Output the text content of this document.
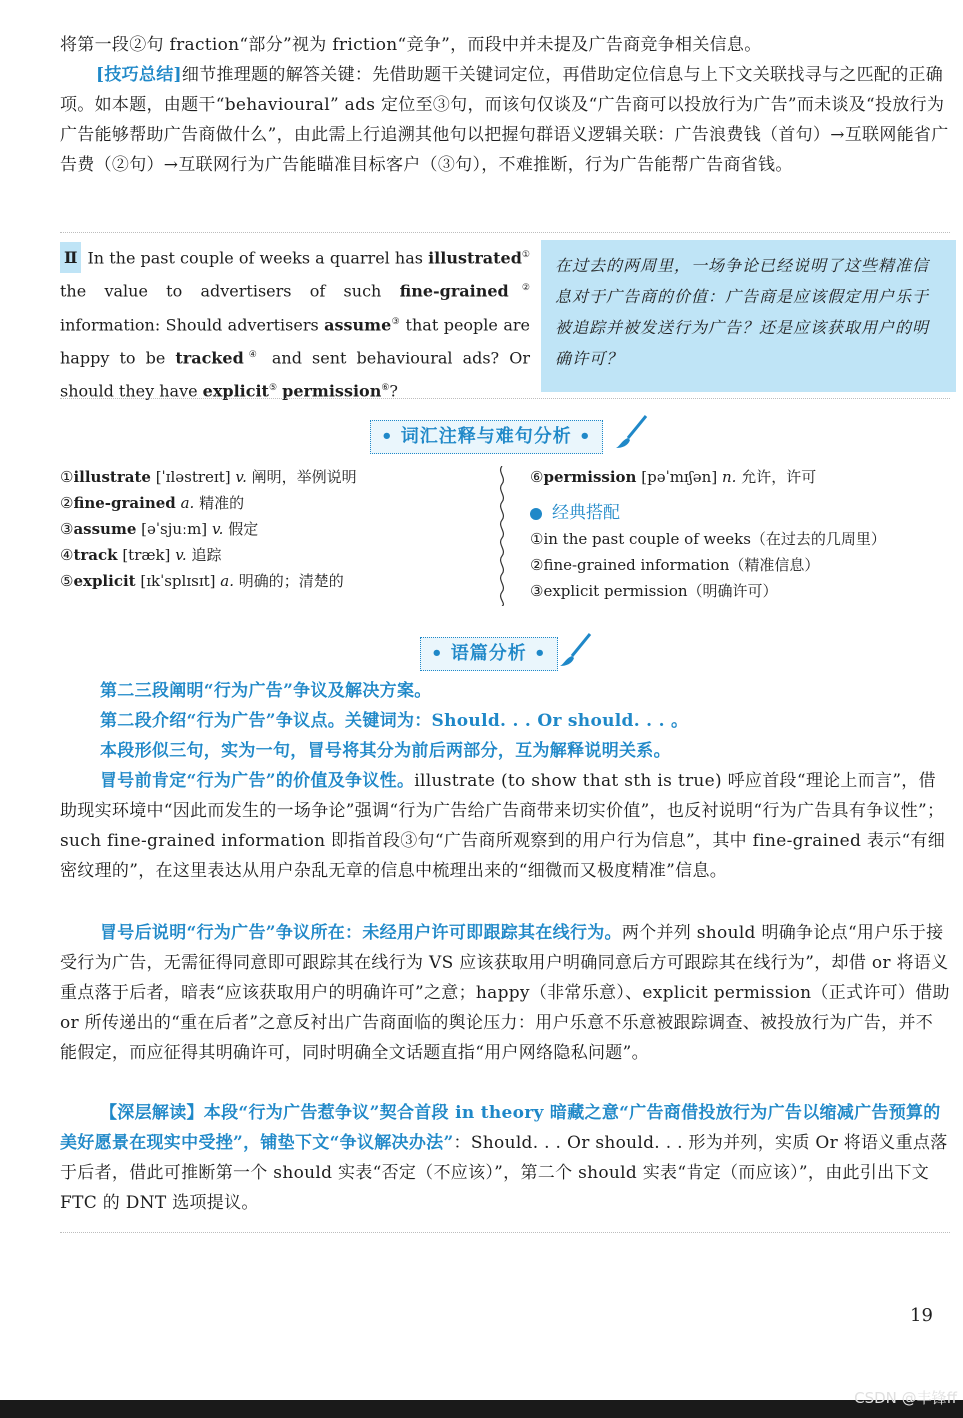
将第一段②句 fraction“部分”视为 friction“竞争”，而段中并未提及广告商竞争相关信息。
[技巧总结]细节推理题的解答关键：先借助题干关键词定位，再借助定位信息与上下文关联找寻与之匹配的正确项。如本题，由题干“behavioural” ads 定位至③句，而该句仅谈及“广告商可以投放行为广告”而未谈及“投放行为广告能够帮助广告商做什么”，由此需上行追溯其他句以把握句群语义逻辑关联：广告浪费钱（首句）→互联网能省广告费（②句）→互联网行为广告能瞄准目标客户（③句），不难推断，行为广告能帮广告商省钱。
Ⅱ In the past couple of weeks a quarrel has illustrated① the value to advertisers of such fine-grained② information: Should advertisers assume③ that people are happy to be tracked④ and sent behavioural ads? Or should they have explicit⑤ permission⑥?
在过去的两周里，一场争论已经说明了这些精准信息对于广告商的价值：广告商是应该假定用户乐于被追踪并被发送行为广告？还是应该获取用户的明确许可？
• 词汇注释与难句分析 •
①illustrate [ˈɪləstreɪt] v. 阐明，举例说明
②fine-grained a. 精准的
③assume [əˈsjuːm] v. 假定
④track [træk] v. 追踪
⑤explicit [ɪkˈsplɪsɪt] a. 明确的；清楚的
⑥permission [pəˈmɪʃən] n. 允许，许可
经典搭配
①in the past couple of weeks（在过去的几周里）
②fine-grained information（精准信息）
③explicit permission（明确许可）
• 语篇分析 •
第二三段阐明“行为广告”争议及解决方案。
第二段介绍“行为广告”争议点。关键词为：Should. . . Or should. . . 。
本段形似三句，实为一句，冒号将其分为前后两部分，互为解释说明关系。
冒号前肯定“行为广告”的价值及争议性。illustrate (to show that sth is true) 呼应首段“理论上而言”，借助现实环境中“因此而发生的一场争论”强调“行为广告给广告商带来切实价值”，也反衬说明“行为广告具有争议性”；such fine-grained information 即指首段③句“广告商所观察到的用户行为信息”，其中 fine-grained 表示“有细密纹理的”，在这里表达从用户杂乱无章的信息中梳理出来的“细微而又极度精准”信息。
冒号后说明“行为广告”争议所在：未经用户许可即跟踪其在线行为。两个并列 should 明确争论点“用户乐于接受行为广告，无需征得同意即可跟踪其在线行为 VS 应该获取用户明确同意后方可跟踪其在线行为”，却借 or 将语义重点落于后者，暗表“应该获取用户的明确许可”之意；happy（非常乐意）、explicit permission（正式许可）借助 or 所传递出的“重在后者”之意反衬出广告商面临的舆论压力：用户乐意不乐意被跟踪调查、被投放行为广告，并不能假定，而应征得其明确许可，同时明确全文话题直指“用户网络隐私问题”。
【深层解读】本段“行为广告惹争议”契合首段 in theory 暗藏之意“广告商借投放行为广告以缩减广告预算的美好愿景在现实中受挫”，铺垫下文“争议解决办法”：Should. . . Or should. . . 形为并列，实质 Or 将语义重点落于后者，借此可推断第一个 should 实表“否定（不应该）”，第二个 should 实表“肯定（而应该）”，由此引出下文 FTC 的 DNT 选项提议。
19
CSDN @丰锋ff
